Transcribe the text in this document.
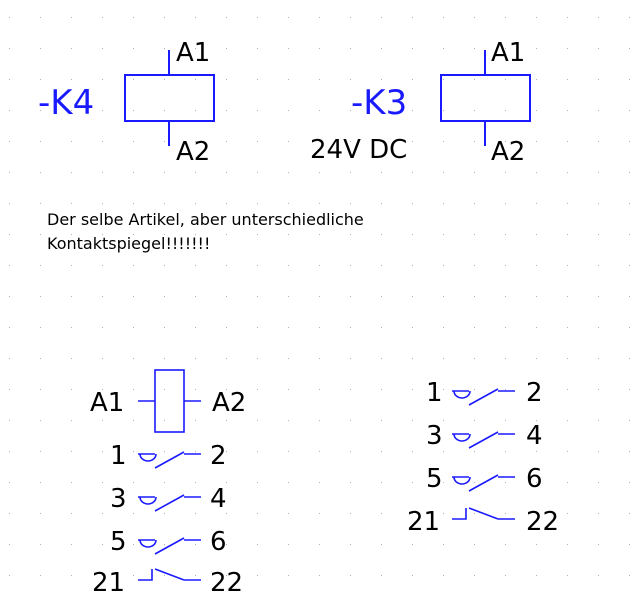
-K4
A1
A2
-K3
A1
A2
24V DC
Der selbe Artikel, aber unterschiedliche
Kontaktspiegel!!!!!!!
A1	A2
1	2
3	4
5	6
21	22
1	2
3	4
5	6
21	22
